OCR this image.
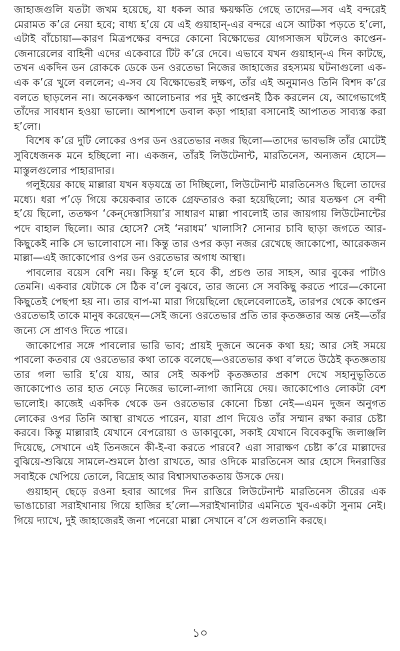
জাহাজগুলি যতটা জখম হয়েছে, যা ধকল আর ক্ষয়ক্ষতি গেছে তাদের—সব এই বন্দরেই মেরামত ক’রে নেয়া হবে; বাধ্য হ’য়ে যে এই গুয়াহান্-এর বন্দরে এসে আটকা পড়তে হ’লো, এটাই বাঁচোয়া—কারণ মিত্রপক্ষের বন্দরে কোনো বিক্ষোভের যোগসাজস ঘটলেও কাপ্তেন-জেনারেলের বাহিনী এদের একেবারে টিট ক’রে দেবে। এভাবে যখন গুয়াহান্-এ দিন কাটছে, তখন একদিন ডন রোককে ডেকে ডন ওরতেভা নিজের জাহাজের রহস্যময় ঘটনাগুলো এক-এক ক’রে খুলে বললেন; এ-সব যে বিক্ষোভেরই লক্ষণ, তাঁর এই অনুমানও তিনি বিশদ ক’রে বলতে ছাড়লেন না। অনেকক্ষণ আলোচনার পর দুই কাপ্তেনই ঠিক করলেন যে, আগেভাগেই তাঁদের সাবধান হওয়া ভালো। আশপাশে ডবাল কড়া পাহারা বসানোই আপাতত সাব্যস্ত করা হ’লো।

বিশেষ ক’রে দুটি লোকের ওপর ডন ওরতেভার নজর ছিলো—তাদের ভাবভঙ্গি তাঁর মোটেই সুবিধেজনক মনে হচ্ছিলো না। একজন, তাঁরই লিউটেনান্ট, মারতিনেস, অন্যজন হোসে—মাস্তুলগুলোর পাহারাদার।

গলুইয়ের কাছে মাল্লারা যখন ষড়যন্ত্রে তা দিচ্ছিলো, লিউটেনান্ট মারতিনেসও ছিলো তাদের মধ্যে। ধরা প’ড়ে গিয়ে কয়েকবার তাকে গ্রেফতারও করা হয়েছিলো; আর যতক্ষণ সে বন্দী হ’য়ে ছিলো, ততক্ষণ ‘কেন্‌দেস্তাসিয়া’র সাধারণ মাল্লা পাবলোই তার জায়গায় লিউটেনান্টের পদে বাহাল ছিলো। আর হোসে? সেই ‘নরাধম’ খালাসি? সোনার চাবি ছাড়া জগতে আর-কিছুকেই নাকি সে ভালোবাসে না। কিন্তু তার ওপর কড়া নজর রেখেছে জাকোপো, আরেকজন মাল্লা—এই জাকোপোর ওপর ডন ওরতেভার অগাধ আস্থা।

পাবলোর বয়েস বেশি নয়। কিন্তু হ’লে হবে কী, প্রচণ্ড তার সাহস, আর বুকের পাটাও তেমনি। একবার যেটাকে সে ঠিক ব’লে বুঝবে, তার জন্যে সে সবকিছু করতে পারে—কোনো কিছুতেই পেছপা হয় না। তার বাপ-মা মারা গিয়েছিলো ছেলেবেলাতেই, তারপর থেকে কাপ্তেন ওরতেভাই তাকে মানুষ করেছেন—সেই জন্যে ওরতেভার প্রতি তার কৃতজ্ঞতার অন্ত নেই—তাঁর জন্যে সে প্রাণও দিতে পারে।

জাকোপোর সঙ্গে পাবলোর ভারি ভাব; প্রায়ই দুজনে অনেক কথা হয়; আর সেই সময়ে পাবলো কতবার যে ওরতেভার কথা তাকে বলেছে—ওরতেভার কথা ব’লতে উঠেই কৃতজ্ঞতায় তার গলা ভারি হ’য়ে যায়, আর সেই অকপট কৃতজ্ঞতার প্রকাশ দেখে সহানুভূতিতে জাকোপোও তার হাত নেড়ে নিজের ভালো-লাগা জানিয়ে দেয়। জাকোপোও লোকটা বেশ ভালোই। কাজেই একদিক থেকে ডন ওরতেভার কোনো চিন্তা নেই—এমন দুজন অনুগত লোকের ওপর তিনি আস্থা রাখতে পারেন, যারা প্রাণ দিয়েও তাঁর সম্মান রক্ষা করার চেষ্টা করবে। কিন্তু মাল্লারাই যেখানে বেপরোয়া ও ডাকাবুকো, সকাই যেখানে বিবেকবুদ্ধি জলাঞ্জলি দিয়েছে, সেখানে এই তিনজনে কী-ই-বা করতে পারবে? এরা সারাক্ষণ চেষ্টা ক’রে মাল্লাদের বুঝিয়ে-শুঝিয়ে সামলে-শুমলে ঠাণ্ডা রাখতে, আর ওদিকে মারতিনেস আর হোসে দিনরাত্তির সবাইকে খেপিয়ে তোলে, বিদ্রোহ আর বিশ্বাসঘাতকতায় উসকে দেয়।

গুয়াহান্ ছেড়ে রওনা হবার আগের দিন রাত্তিরে লিউটেনান্ট মারতিনেস তীরের এক ভাঙাচোরা সরাইখানায় গিয়ে হাজির হ’লো—সরাইখানাটার এমনিতে খুব-একটা সুনাম নেই। গিয়ে দ্যাখে, দুই জাহাজেরই জনা পনেরো মাল্লা সেখানে ব’সে গুলতানি করছে।

১০
